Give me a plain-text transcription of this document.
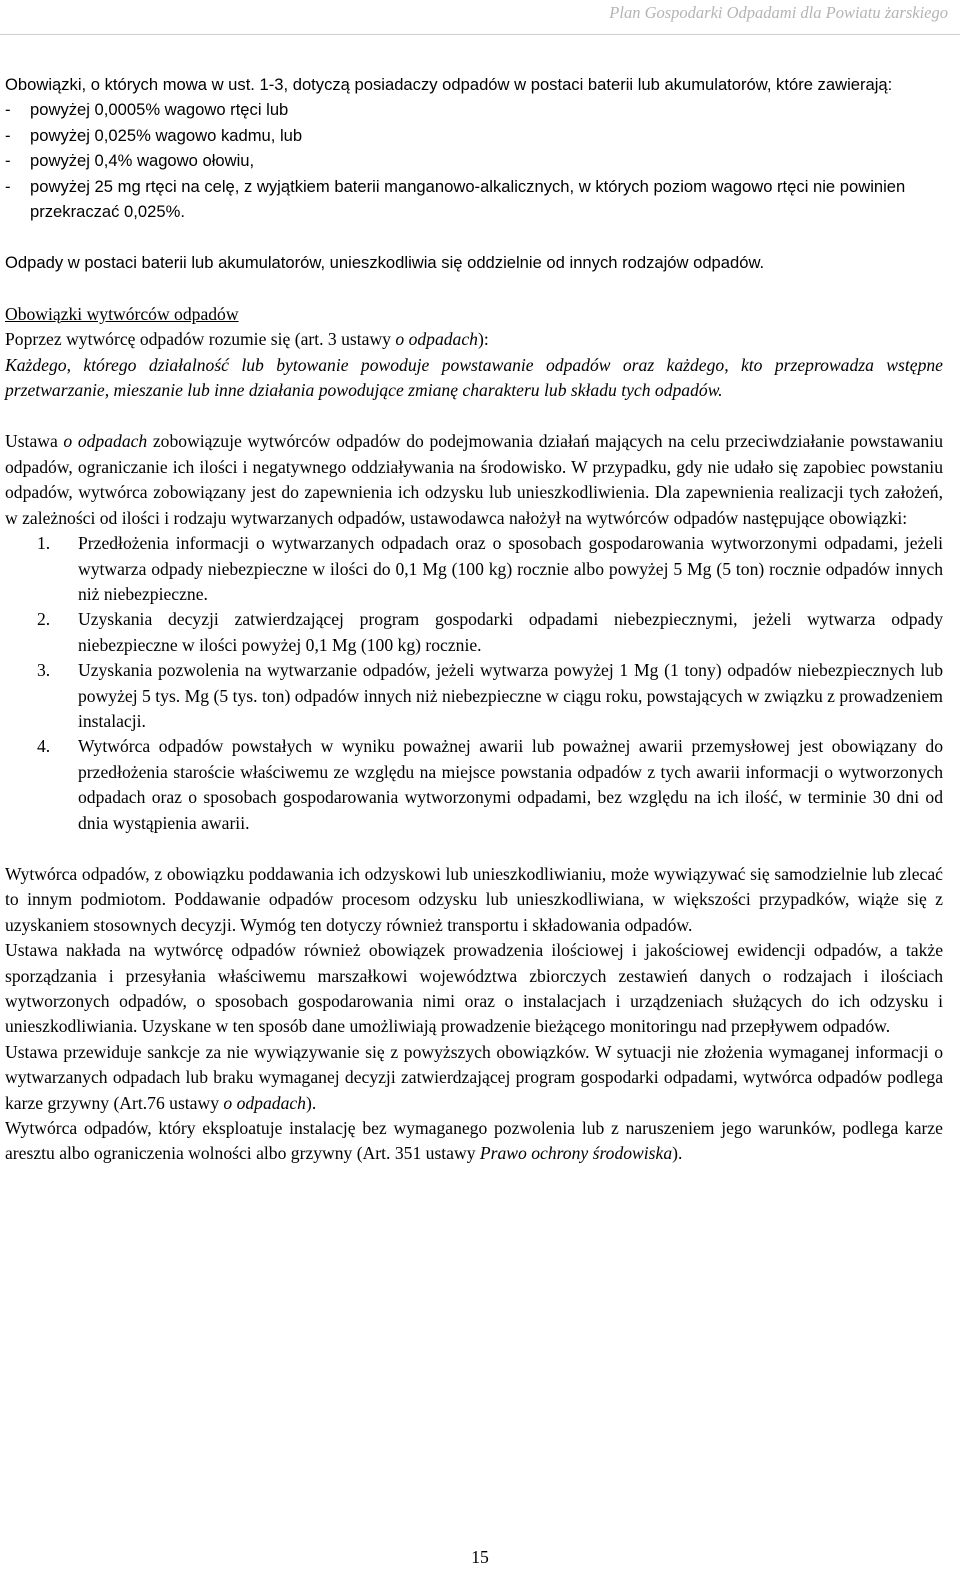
Plan Gospodarki Odpadami dla Powiatu żarskiego

Obowiązki, o których mowa w ust. 1-3, dotyczą posiadaczy odpadów w postaci baterii lub akumulatorów, które zawierają:

- powyżej 0,0005% wagowo rtęci lub
- powyżej 0,025% wagowo kadmu, lub
- powyżej 0,4% wagowo ołowiu,
- powyżej 25 mg rtęci na celę, z wyjątkiem baterii manganowo-alkalicznych, w których poziom wagowo rtęci nie powinien przekraczać 0,025%.

Odpady w postaci baterii lub akumulatorów, unieszkodliwia się oddzielnie od innych rodzajów odpadów.

Obowiązki wytwórców odpadów

Poprzez wytwórcę odpadów rozumie się (art. 3 ustawy o odpadach):

Każdego, którego działalność lub bytowanie powoduje powstawanie odpadów oraz każdego, kto przeprowadza wstępne przetwarzanie, mieszanie lub inne działania powodujące zmianę charakteru lub składu tych odpadów.

Ustawa o odpadach zobowiązuje wytwórców odpadów do podejmowania działań mających na celu przeciwdziałanie powstawaniu odpadów, ograniczanie ich ilości i negatywnego oddziaływania na środowisko. W przypadku, gdy nie udało się zapobiec powstaniu odpadów, wytwórca zobowiązany jest do zapewnienia ich odzysku lub unieszkodliwienia. Dla zapewnienia realizacji tych założeń, w zależności od ilości i rodzaju wytwarzanych odpadów, ustawodawca nałożył na wytwórców odpadów następujące obowiązki:

1. Przedłożenia informacji o wytwarzanych odpadach oraz o sposobach gospodarowania wytworzonymi odpadami, jeżeli wytwarza odpady niebezpieczne w ilości do 0,1 Mg (100 kg) rocznie albo powyżej 5 Mg (5 ton) rocznie odpadów innych niż niebezpieczne.
2. Uzyskania decyzji zatwierdzającej program gospodarki odpadami niebezpiecznymi, jeżeli wytwarza odpady niebezpieczne w ilości powyżej 0,1 Mg (100 kg) rocznie.
3. Uzyskania pozwolenia na wytwarzanie odpadów, jeżeli wytwarza powyżej 1 Mg (1 tony) odpadów niebezpiecznych lub powyżej 5 tys. Mg (5 tys. ton) odpadów innych niż niebezpieczne w ciągu roku, powstających w związku z prowadzeniem instalacji.
4. Wytwórca odpadów powstałych w wyniku poważnej awarii lub poważnej awarii przemysłowej jest obowiązany do przedłożenia staroście właściwemu ze względu na miejsce powstania odpadów z tych awarii informacji o wytworzonych odpadach oraz o sposobach gospodarowania wytworzonymi odpadami, bez względu na ich ilość, w terminie 30 dni od dnia wystąpienia awarii.

Wytwórca odpadów, z obowiązku poddawania ich odzyskowi lub unieszkodliwianiu, może wywiązywać się samodzielnie lub zlecać to innym podmiotom. Poddawanie odpadów procesom odzysku lub unieszkodliwiana, w większości przypadków, wiąże się z uzyskaniem stosownych decyzji. Wymóg ten dotyczy również transportu i składowania odpadów.

Ustawa nakłada na wytwórcę odpadów również obowiązek prowadzenia ilościowej i jakościowej ewidencji odpadów, a także sporządzania i przesyłania właściwemu marszałkowi województwa zbiorczych zestawień danych o rodzajach i ilościach wytworzonych odpadów, o sposobach gospodarowania nimi oraz o instalacjach i urządzeniach służących do ich odzysku i unieszkodliwiania. Uzyskane w ten sposób dane umożliwiają prowadzenie bieżącego monitoringu nad przepływem odpadów.

Ustawa przewiduje sankcje za nie wywiązywanie się z powyższych obowiązków. W sytuacji nie złożenia wymaganej informacji o wytwarzanych odpadach lub braku wymaganej decyzji zatwierdzającej program gospodarki odpadami, wytwórca odpadów podlega karze grzywny (Art.76 ustawy o odpadach).

Wytwórca odpadów, który eksploatuje instalację bez wymaganego pozwolenia lub z naruszeniem jego warunków, podlega karze aresztu albo ograniczenia wolności albo grzywny (Art. 351 ustawy Prawo ochrony środowiska).

15
